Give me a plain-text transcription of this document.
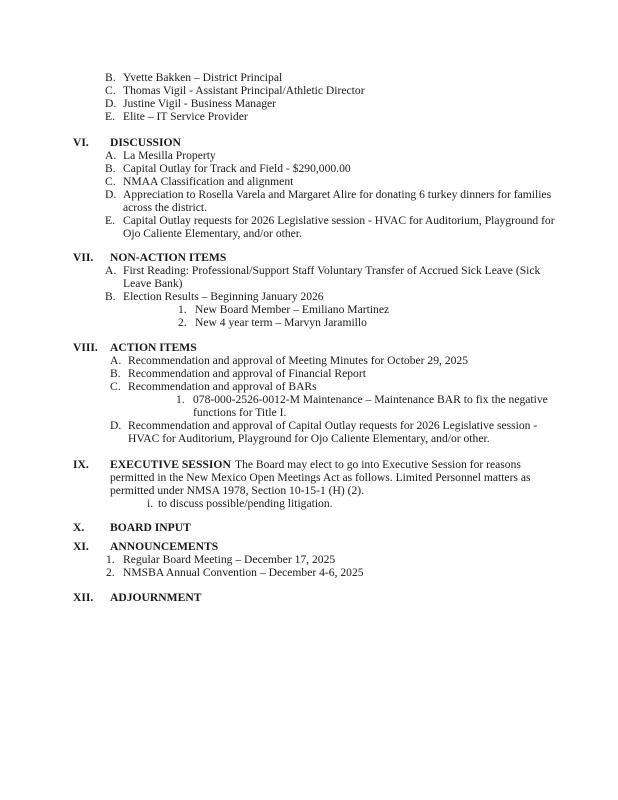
B. Yvette Bakken – District Principal
C. Thomas Vigil - Assistant Principal/Athletic Director
D. Justine Vigil - Business Manager
E. Elite – IT Service Provider
VI. DISCUSSION
A. La Mesilla Property
B. Capital Outlay for Track and Field - $290,000.00
C. NMAA Classification and alignment
D. Appreciation to Rosella Varela and Margaret Alire for donating 6 turkey dinners for families
across the district.
E. Capital Outlay requests for 2026 Legislative session - HVAC for Auditorium, Playground for
Ojo Caliente Elementary, and/or other.
VII. NON-ACTION ITEMS
A. First Reading: Professional/Support Staff Voluntary Transfer of Accrued Sick Leave (Sick
Leave Bank)
B. Election Results – Beginning January 2026
1. New Board Member – Emiliano Martinez
2. New 4 year term – Marvyn Jaramillo
VIII. ACTION ITEMS
A. Recommendation and approval of Meeting Minutes for October 29, 2025
B. Recommendation and approval of Financial Report
C. Recommendation and approval of BARs
1. 078-000-2526-0012-M Maintenance – Maintenance BAR to fix the negative
functions for Title I.
D. Recommendation and approval of Capital Outlay requests for 2026 Legislative session -
HVAC for Auditorium, Playground for Ojo Caliente Elementary, and/or other.
IX. EXECUTIVE SESSION The Board may elect to go into Executive Session for reasons
permitted in the New Mexico Open Meetings Act as follows. Limited Personnel matters as
permitted under NMSA 1978, Section 10-15-1 (H) (2).
i. to discuss possible/pending litigation.
X. BOARD INPUT
XI. ANNOUNCEMENTS
1. Regular Board Meeting – December 17, 2025
2. NMSBA Annual Convention – December 4-6, 2025
XII. ADJOURNMENT
